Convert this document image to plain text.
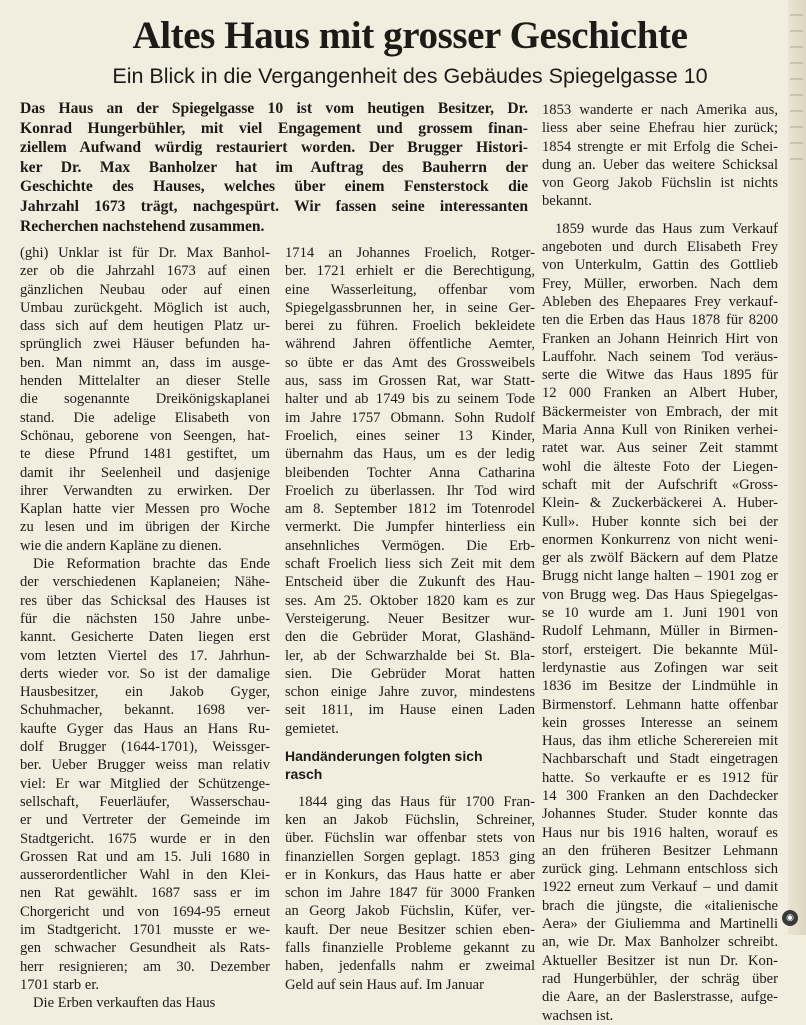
Altes Haus mit grosser Geschichte
Ein Blick in die Vergangenheit des Gebäudes Spiegelgasse 10
Das Haus an der Spiegelgasse 10 ist vom heutigen Besitzer, Dr.
Konrad Hungerbühler, mit viel Engagement und grossem finan-
ziellem Aufwand würdig restauriert worden. Der Brugger Histori-
ker Dr. Max Banholzer hat im Auftrag des Bauherrn der
Geschichte des Hauses, welches über einem Fensterstock die
Jahrzahl 1673 trägt, nachgespürt. Wir fassen seine interessanten
Recherchen nachstehend zusammen.
(ghi) Unklar ist für Dr. Max Banhol-
zer ob die Jahrzahl 1673 auf einen
gänzlichen Neubau oder auf einen
Umbau zurückgeht. Möglich ist auch,
dass sich auf dem heutigen Platz ur-
sprünglich zwei Häuser befunden ha-
ben. Man nimmt an, dass im ausge-
henden Mittelalter an dieser Stelle
die sogenannte Dreikönigskaplanei
stand. Die adelige Elisabeth von
Schönau, geborene von Seengen, hat-
te diese Pfrund 1481 gestiftet, um
damit ihr Seelenheil und dasjenige
ihrer Verwandten zu erwirken. Der
Kaplan hatte vier Messen pro Woche
zu lesen und im übrigen der Kirche
wie die andern Kapläne zu dienen.
Die Reformation brachte das Ende
der verschiedenen Kaplaneien; Nähe-
res über das Schicksal des Hauses ist
für die nächsten 150 Jahre unbe-
kannt. Gesicherte Daten liegen erst
vom letzten Viertel des 17. Jahrhun-
derts wieder vor. So ist der damalige
Hausbesitzer, ein Jakob Gyger,
Schuhmacher, bekannt. 1698 ver-
kaufte Gyger das Haus an Hans Ru-
dolf Brugger (1644-1701), Weissger-
ber. Ueber Brugger weiss man relativ
viel: Er war Mitglied der Schützenge-
sellschaft, Feuerläufer, Wasserschau-
er und Vertreter der Gemeinde im
Stadtgericht. 1675 wurde er in den
Grossen Rat und am 15. Juli 1680 in
ausserordentlicher Wahl in den Klei-
nen Rat gewählt. 1687 sass er im
Chorgericht und von 1694-95 erneut
im Stadtgericht. 1701 musste er we-
gen schwacher Gesundheit als Rats-
herr resignieren; am 30. Dezember
1701 starb er.
Die Erben verkauften das Haus
1714 an Johannes Froelich, Rotger-
ber. 1721 erhielt er die Berechtigung,
eine Wasserleitung, offenbar vom
Spiegelgassbrunnen her, in seine Ger-
berei zu führen. Froelich bekleidete
während Jahren öffentliche Aemter,
so übte er das Amt des Grossweibels
aus, sass im Grossen Rat, war Statt-
halter und ab 1749 bis zu seinem Tode
im Jahre 1757 Obmann. Sohn Rudolf
Froelich, eines seiner 13 Kinder,
übernahm das Haus, um es der ledig
bleibenden Tochter Anna Catharina
Froelich zu überlassen. Ihr Tod wird
am 8. September 1812 im Totenrodel
vermerkt. Die Jumpfer hinterliess ein
ansehnliches Vermögen. Die Erb-
schaft Froelich liess sich Zeit mit dem
Entscheid über die Zukunft des Hau-
ses. Am 25. Oktober 1820 kam es zur
Versteigerung. Neuer Besitzer wur-
den die Gebrüder Morat, Glashänd-
ler, ab der Schwarzhalde bei St. Bla-
sien. Die Gebrüder Morat hatten
schon einige Jahre zuvor, mindestens
seit 1811, im Hause einen Laden
gemietet.
Handänderungen folgten sich
rasch
1844 ging das Haus für 1700 Fran-
ken an Jakob Füchslin, Schreiner,
über. Füchslin war offenbar stets von
finanziellen Sorgen geplagt. 1853 ging
er in Konkurs, das Haus hatte er aber
schon im Jahre 1847 für 3000 Franken
an Georg Jakob Füchslin, Küfer, ver-
kauft. Der neue Besitzer schien eben-
falls finanzielle Probleme gekannt zu
haben, jedenfalls nahm er zweimal
Geld auf sein Haus auf. Im Januar
1853 wanderte er nach Amerika aus,
liess aber seine Ehefrau hier zurück;
1854 strengte er mit Erfolg die Schei-
dung an. Ueber das weitere Schicksal
von Georg Jakob Füchslin ist nichts
bekannt.
1859 wurde das Haus zum Verkauf
angeboten und durch Elisabeth Frey
von Unterkulm, Gattin des Gottlieb
Frey, Müller, erworben. Nach dem
Ableben des Ehepaares Frey verkauf-
ten die Erben das Haus 1878 für 8200
Franken an Johann Heinrich Hirt von
Lauffohr. Nach seinem Tod veräus-
serte die Witwe das Haus 1895 für
12 000 Franken an Albert Huber,
Bäckermeister von Embrach, der mit
Maria Anna Kull von Riniken verhei-
ratet war. Aus seiner Zeit stammt
wohl die älteste Foto der Liegen-
schaft mit der Aufschrift «Gross-
Klein- & Zuckerbäckerei A. Huber-
Kull». Huber konnte sich bei der
enormen Konkurrenz von nicht weni-
ger als zwölf Bäckern auf dem Platze
Brugg nicht lange halten – 1901 zog er
von Brugg weg. Das Haus Spiegelgas-
se 10 wurde am 1. Juni 1901 von
Rudolf Lehmann, Müller in Birmen-
storf, ersteigert. Die bekannte Mül-
lerdynastie aus Zofingen war seit
1836 im Besitze der Lindmühle in
Birmenstorf. Lehmann hatte offenbar
kein grosses Interesse an seinem
Haus, das ihm etliche Scherereien mit
Nachbarschaft und Stadt eingetragen
hatte. So verkaufte er es 1912 für
14 300 Franken an den Dachdecker
Johannes Studer. Studer konnte das
Haus nur bis 1916 halten, worauf es
an den früheren Besitzer Lehmann
zurück ging. Lehmann entschloss sich
1922 erneut zum Verkauf – und damit
brach die jüngste, die «italienische
Aera» der Giuliemma and Martinelli
an, wie Dr. Max Banholzer schreibt.
Aktueller Besitzer ist nun Dr. Kon-
rad Hungerbühler, der schräg über
die Aare, an der Baslerstrasse, aufge-
wachsen ist.
◉
